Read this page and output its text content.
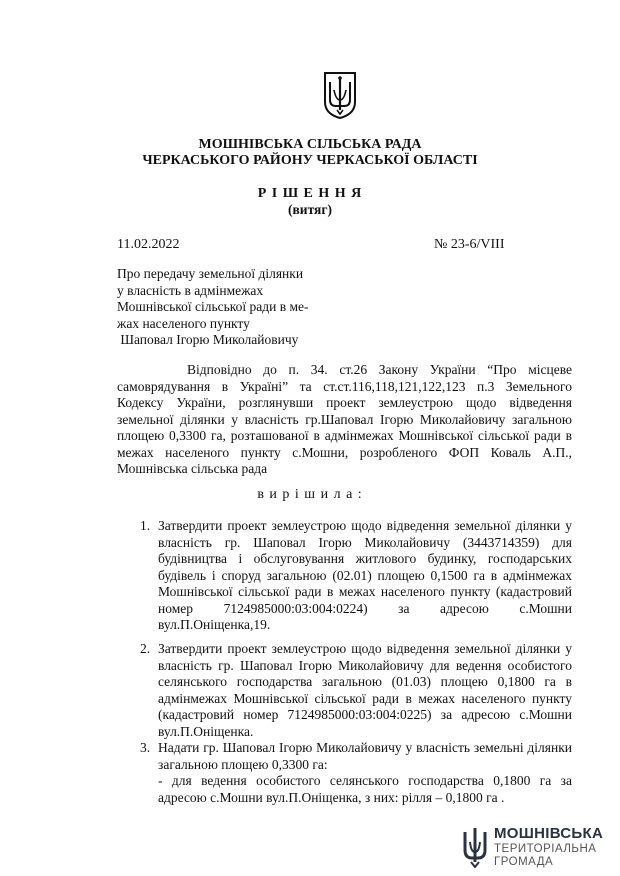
МОШНІВСЬКА СІЛЬСЬКА РАДА
ЧЕРКАСЬКОГО РАЙОНУ ЧЕРКАСЬКОЇ ОБЛАСТІ
Р І Ш Е Н Н Я
(витяг)
11.02.2022	№ 23-6/VIII
Про передачу земельної ділянки
у власність в адмінмежах
Мошнівської сільської ради в ме-
жах населеного пункту
Шаповал Ігорю Миколайовичу
Відповідно до п. 34. ст.26 Закону України “Про місцеве самоврядування в Україні” та ст.ст.116,118,121,122,123 п.3 Земельного Кодексу України, розглянувши проект землеустрою щодо відведення земельної ділянки у власність гр.Шаповал Ігорю Миколайовичу загальною площею 0,3300 га, розташованої в адмінмежах Мошнівської сільської ради в межах населеного пункту с.Мошни, розробленого ФОП Коваль А.П., Мошнівська сільська рада
в и р і ш и л а :
1. Затвердити проект землеустрою щодо відведення земельної ділянки у власність гр. Шаповал Ігорю Миколайовичу (3443714359) для будівництва і обслуговування житлового будинку, господарських будівель і споруд загальною (02.01) площею 0,1500 га в адмінмежах Мошнівської сільської ради в межах населеного пункту (кадастровий номер 7124985000:03:004:0224) за адресою с.Мошни вул.П.Оніщенка,19.
2. Затвердити проект землеустрою щодо відведення земельної ділянки у власність гр. Шаповал Ігорю Миколайовичу для ведення особистого селянського господарства загальною (01.03) площею 0,1800 га в адмінмежах Мошнівської сільської ради в межах населеного пункту (кадастровий номер 7124985000:03:004:0225) за адресою с.Мошни вул.П.Оніщенка.
3. Надати гр. Шаповал Ігорю Миколайовичу у власність земельні ділянки загальною площею 0,3300 га:
- для ведення особистого селянського господарства 0,1800 га за адресою с.Мошни вул.П.Оніщенка, з них: рілля – 0,1800 га .
МОШНІВСЬКА
ТЕРИТОРІАЛЬНА
ГРОМАДА
